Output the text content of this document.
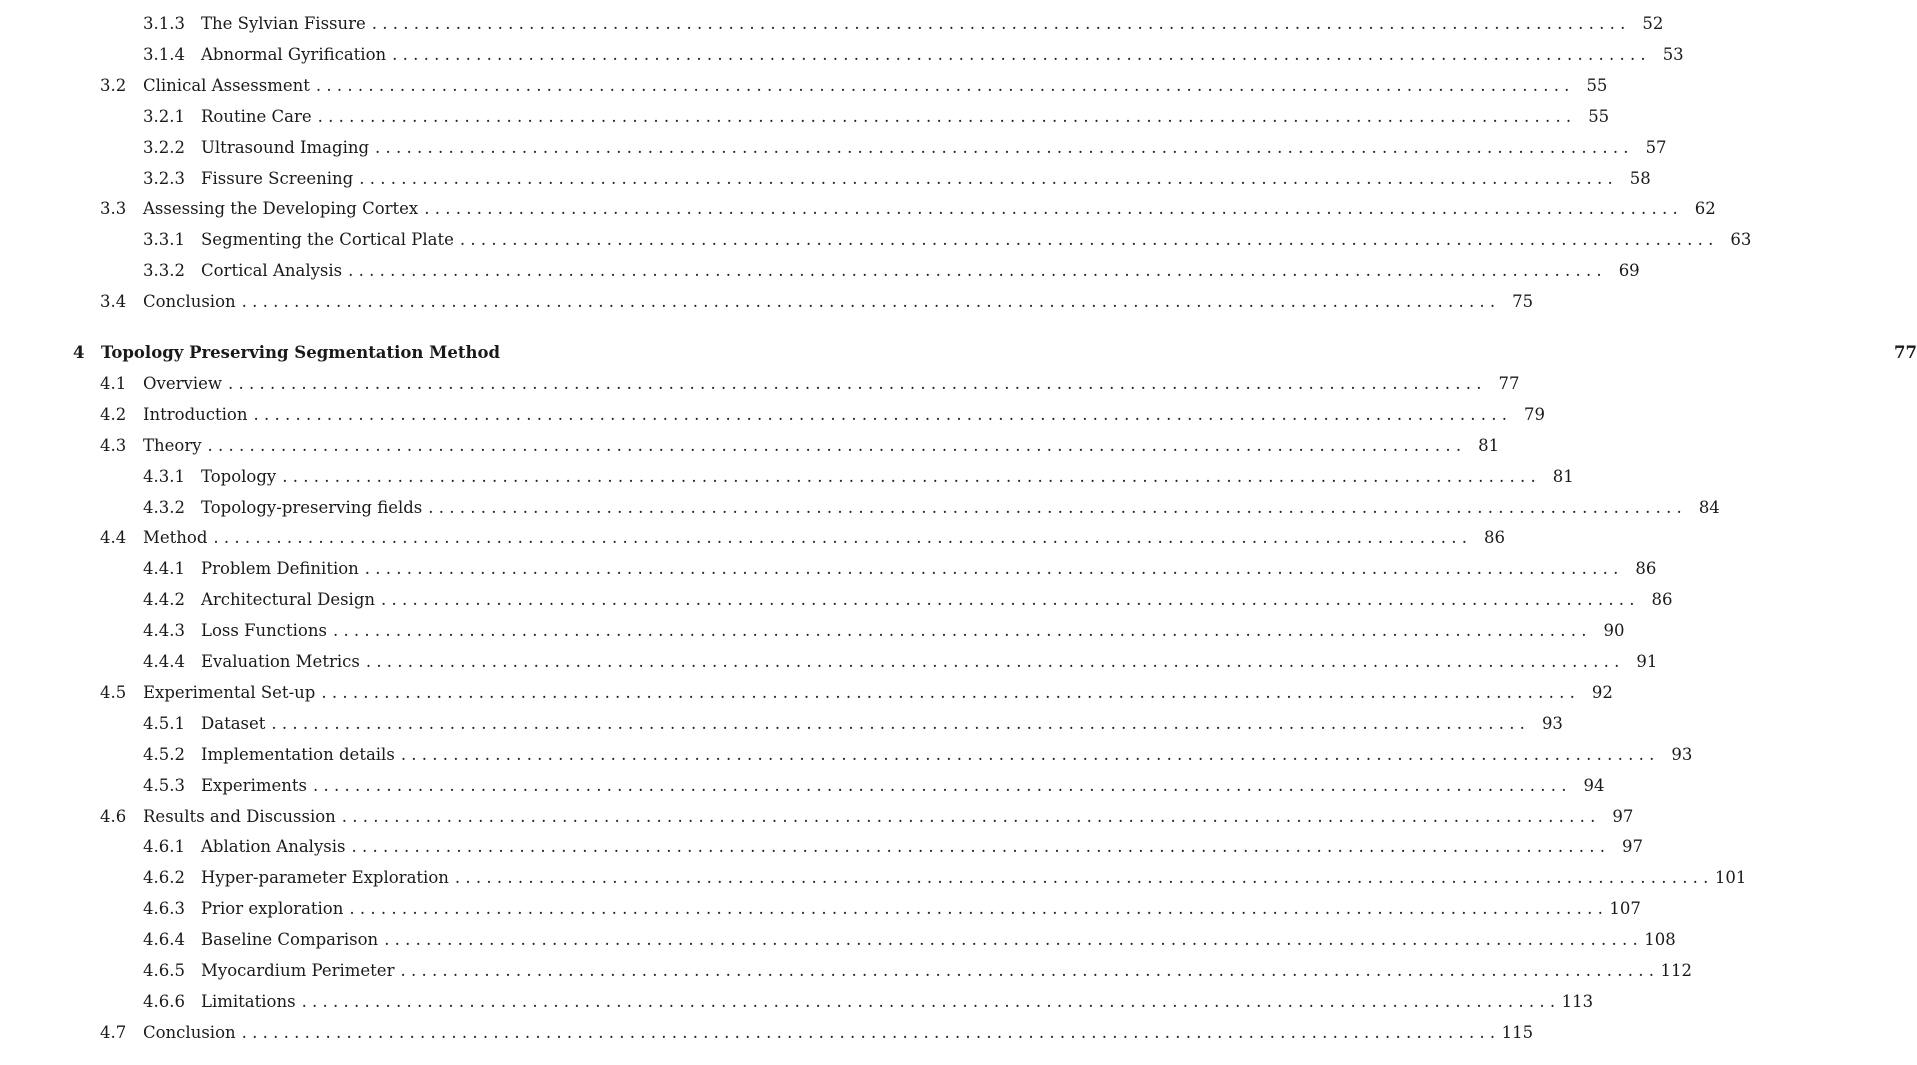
3.1.3 The Sylvian Fissure . . . . . . . . . . . . . . . . . . . . . . . . . . . . . . . . . . . . . . . . . . . . . . . . . . . . . . . . . . . . . . . . . . . . . . . . . . . . . . . . . . . . . . . . . . . . . . . . . . . . . . . . . . . . . . . . . . . . . . . .	52
3.1.4 Abnormal Gyrification . . . . . . . . . . . . . . . . . . . . . . . . . . . . . . . . . . . . . . . . . . . . . . . . . . . . . . . . . . . . . . . . . . . . . . . . . . . . . . . . . . . . . . . . . . . . . . . . . . . . . . . . . . . . . . . . . . . . . . . .	53
3.2	Clinical Assessment . . . . . . . . . . . . . . . . . . . . . . . . . . . . . . . . . . . . . . . . . . . . . . . . . . . . . . . . . . . . . . . . . . . . . . . . . . . . . . . . . . . . . . . . . . . . . . . . . . . . . . . . . . . . . . . . . . . . . . . .	55
3.2.1 Routine Care . . . . . . . . . . . . . . . . . . . . . . . . . . . . . . . . . . . . . . . . . . . . . . . . . . . . . . . . . . . . . . . . . . . . . . . . . . . . . . . . . . . . . . . . . . . . . . . . . . . . . . . . . . . . . . . . . . . . . . . .	55
3.2.2 Ultrasound Imaging . . . . . . . . . . . . . . . . . . . . . . . . . . . . . . . . . . . . . . . . . . . . . . . . . . . . . . . . . . . . . . . . . . . . . . . . . . . . . . . . . . . . . . . . . . . . . . . . . . . . . . . . . . . . . . . . . . . . . . . .	57
3.2.3 Fissure Screening . . . . . . . . . . . . . . . . . . . . . . . . . . . . . . . . . . . . . . . . . . . . . . . . . . . . . . . . . . . . . . . . . . . . . . . . . . . . . . . . . . . . . . . . . . . . . . . . . . . . . . . . . . . . . . . . . . . . . . . .	58
3.3	Assessing the Developing Cortex . . . . . . . . . . . . . . . . . . . . . . . . . . . . . . . . . . . . . . . . . . . . . . . . . . . . . . . . . . . . . . . . . . . . . . . . . . . . . . . . . . . . . . . . . . . . . . . . . . . . . . . . . . . . . . . . . . . . . . . .	62
3.3.1 Segmenting the Cortical Plate . . . . . . . . . . . . . . . . . . . . . . . . . . . . . . . . . . . . . . . . . . . . . . . . . . . . . . . . . . . . . . . . . . . . . . . . . . . . . . . . . . . . . . . . . . . . . . . . . . . . . . . . . . . . . . . . . . . . . . . .	63
3.3.2 Cortical Analysis . . . . . . . . . . . . . . . . . . . . . . . . . . . . . . . . . . . . . . . . . . . . . . . . . . . . . . . . . . . . . . . . . . . . . . . . . . . . . . . . . . . . . . . . . . . . . . . . . . . . . . . . . . . . . . . . . . . . . . . .	69
3.4	Conclusion . . . . . . . . . . . . . . . . . . . . . . . . . . . . . . . . . . . . . . . . . . . . . . . . . . . . . . . . . . . . . . . . . . . . . . . . . . . . . . . . . . . . . . . . . . . . . . . . . . . . . . . . . . . . . . . . . . . . . . . .	75
4	Topology Preserving Segmentation Method	77
4.1	Overview . . . . . . . . . . . . . . . . . . . . . . . . . . . . . . . . . . . . . . . . . . . . . . . . . . . . . . . . . . . . . . . . . . . . . . . . . . . . . . . . . . . . . . . . . . . . . . . . . . . . . . . . . . . . . . . . . . . . . . . .	77
4.2	Introduction . . . . . . . . . . . . . . . . . . . . . . . . . . . . . . . . . . . . . . . . . . . . . . . . . . . . . . . . . . . . . . . . . . . . . . . . . . . . . . . . . . . . . . . . . . . . . . . . . . . . . . . . . . . . . . . . . . . . . . . .	79
4.3	Theory . . . . . . . . . . . . . . . . . . . . . . . . . . . . . . . . . . . . . . . . . . . . . . . . . . . . . . . . . . . . . . . . . . . . . . . . . . . . . . . . . . . . . . . . . . . . . . . . . . . . . . . . . . . . . . . . . . . . . . . .	81
4.3.1 Topology . . . . . . . . . . . . . . . . . . . . . . . . . . . . . . . . . . . . . . . . . . . . . . . . . . . . . . . . . . . . . . . . . . . . . . . . . . . . . . . . . . . . . . . . . . . . . . . . . . . . . . . . . . . . . . . . . . . . . . . .	81
4.3.2 Topology-preserving fields . . . . . . . . . . . . . . . . . . . . . . . . . . . . . . . . . . . . . . . . . . . . . . . . . . . . . . . . . . . . . . . . . . . . . . . . . . . . . . . . . . . . . . . . . . . . . . . . . . . . . . . . . . . . . . . . . . . . . . . .	84
4.4	Method . . . . . . . . . . . . . . . . . . . . . . . . . . . . . . . . . . . . . . . . . . . . . . . . . . . . . . . . . . . . . . . . . . . . . . . . . . . . . . . . . . . . . . . . . . . . . . . . . . . . . . . . . . . . . . . . . . . . . . . .	86
4.4.1 Problem Definition . . . . . . . . . . . . . . . . . . . . . . . . . . . . . . . . . . . . . . . . . . . . . . . . . . . . . . . . . . . . . . . . . . . . . . . . . . . . . . . . . . . . . . . . . . . . . . . . . . . . . . . . . . . . . . . . . . . . . . . .	86
4.4.2 Architectural Design . . . . . . . . . . . . . . . . . . . . . . . . . . . . . . . . . . . . . . . . . . . . . . . . . . . . . . . . . . . . . . . . . . . . . . . . . . . . . . . . . . . . . . . . . . . . . . . . . . . . . . . . . . . . . . . . . . . . . . . .	86
4.4.3 Loss Functions . . . . . . . . . . . . . . . . . . . . . . . . . . . . . . . . . . . . . . . . . . . . . . . . . . . . . . . . . . . . . . . . . . . . . . . . . . . . . . . . . . . . . . . . . . . . . . . . . . . . . . . . . . . . . . . . . . . . . . . .	90
4.4.4 Evaluation Metrics . . . . . . . . . . . . . . . . . . . . . . . . . . . . . . . . . . . . . . . . . . . . . . . . . . . . . . . . . . . . . . . . . . . . . . . . . . . . . . . . . . . . . . . . . . . . . . . . . . . . . . . . . . . . . . . . . . . . . . . .	91
4.5	Experimental Set-up . . . . . . . . . . . . . . . . . . . . . . . . . . . . . . . . . . . . . . . . . . . . . . . . . . . . . . . . . . . . . . . . . . . . . . . . . . . . . . . . . . . . . . . . . . . . . . . . . . . . . . . . . . . . . . . . . . . . . . . .	92
4.5.1 Dataset . . . . . . . . . . . . . . . . . . . . . . . . . . . . . . . . . . . . . . . . . . . . . . . . . . . . . . . . . . . . . . . . . . . . . . . . . . . . . . . . . . . . . . . . . . . . . . . . . . . . . . . . . . . . . . . . . . . . . . . .	93
4.5.2 Implementation details . . . . . . . . . . . . . . . . . . . . . . . . . . . . . . . . . . . . . . . . . . . . . . . . . . . . . . . . . . . . . . . . . . . . . . . . . . . . . . . . . . . . . . . . . . . . . . . . . . . . . . . . . . . . . . . . . . . . . . . .	93
4.5.3 Experiments . . . . . . . . . . . . . . . . . . . . . . . . . . . . . . . . . . . . . . . . . . . . . . . . . . . . . . . . . . . . . . . . . . . . . . . . . . . . . . . . . . . . . . . . . . . . . . . . . . . . . . . . . . . . . . . . . . . . . . . .	94
4.6	Results and Discussion . . . . . . . . . . . . . . . . . . . . . . . . . . . . . . . . . . . . . . . . . . . . . . . . . . . . . . . . . . . . . . . . . . . . . . . . . . . . . . . . . . . . . . . . . . . . . . . . . . . . . . . . . . . . . . . . . . . . . . . .	97
4.6.1 Ablation Analysis . . . . . . . . . . . . . . . . . . . . . . . . . . . . . . . . . . . . . . . . . . . . . . . . . . . . . . . . . . . . . . . . . . . . . . . . . . . . . . . . . . . . . . . . . . . . . . . . . . . . . . . . . . . . . . . . . . . . . . . .	97
4.6.2 Hyper-parameter Exploration . . . . . . . . . . . . . . . . . . . . . . . . . . . . . . . . . . . . . . . . . . . . . . . . . . . . . . . . . . . . . . . . . . . . . . . . . . . . . . . . . . . . . . . . . . . . . . . . . . . . . . . . . . . . . . . . . . . . . . . . 101
4.6.3 Prior exploration . . . . . . . . . . . . . . . . . . . . . . . . . . . . . . . . . . . . . . . . . . . . . . . . . . . . . . . . . . . . . . . . . . . . . . . . . . . . . . . . . . . . . . . . . . . . . . . . . . . . . . . . . . . . . . . . . . . . . . . . 107
4.6.4 Baseline Comparison . . . . . . . . . . . . . . . . . . . . . . . . . . . . . . . . . . . . . . . . . . . . . . . . . . . . . . . . . . . . . . . . . . . . . . . . . . . . . . . . . . . . . . . . . . . . . . . . . . . . . . . . . . . . . . . . . . . . . . . . 108
4.6.5 Myocardium Perimeter . . . . . . . . . . . . . . . . . . . . . . . . . . . . . . . . . . . . . . . . . . . . . . . . . . . . . . . . . . . . . . . . . . . . . . . . . . . . . . . . . . . . . . . . . . . . . . . . . . . . . . . . . . . . . . . . . . . . . . . . 112
4.6.6 Limitations . . . . . . . . . . . . . . . . . . . . . . . . . . . . . . . . . . . . . . . . . . . . . . . . . . . . . . . . . . . . . . . . . . . . . . . . . . . . . . . . . . . . . . . . . . . . . . . . . . . . . . . . . . . . . . . . . . . . . . . . 113
4.7	Conclusion . . . . . . . . . . . . . . . . . . . . . . . . . . . . . . . . . . . . . . . . . . . . . . . . . . . . . . . . . . . . . . . . . . . . . . . . . . . . . . . . . . . . . . . . . . . . . . . . . . . . . . . . . . . . . . . . . . . . . . . . 115
